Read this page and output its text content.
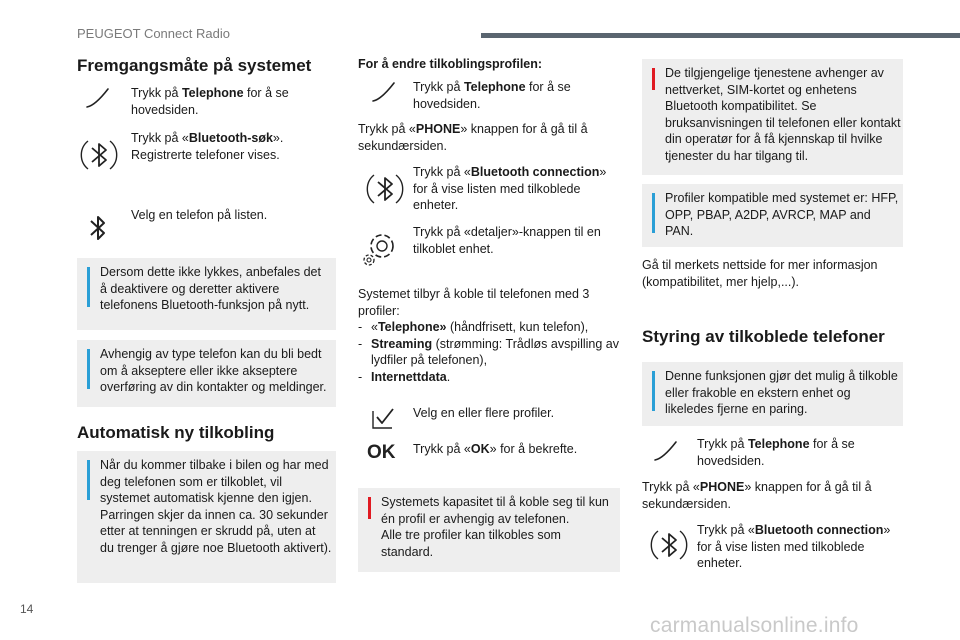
PEUGEOT Connect Radio
Fremgangsmåte på systemet
Trykk på Telephone for å se hovedsiden.
Trykk på «Bluetooth-søk». Registrerte telefoner vises.
Velg en telefon på listen.
Dersom dette ikke lykkes, anbefales det å deaktivere og deretter aktivere telefonens Bluetooth-funksjon på nytt.
Avhengig av type telefon kan du bli bedt om å akseptere eller ikke akseptere overføring av din kontakter og meldinger.
Automatisk ny tilkobling
Når du kommer tilbake i bilen og har med deg telefonen som er tilkoblet, vil systemet automatisk kjenne den igjen. Parringen skjer da innen ca. 30 sekunder etter at tenningen er skrudd på, uten at du trenger å gjøre noe Bluetooth aktivert).
For å endre tilkoblingsprofilen:
Trykk på Telephone for å se hovedsiden.
Trykk på «PHONE» knappen for å gå til å sekundærsiden.
Trykk på «Bluetooth connection» for å vise listen med tilkoblede enheter.
Trykk på «detaljer»-knappen til en tilkoblet enhet.
Systemet tilbyr å koble til telefonen med 3 profiler:
- «Telephone» (håndfrisett, kun telefon),
- Streaming (strømming: Trådløs avspilling av lydfiler på telefonen),
- Internettdata.
Velg en eller flere profiler.
OK Trykk på «OK» for å bekrefte.
Systemets kapasitet til å koble seg til kun én profil er avhengig av telefonen.
Alle tre profiler kan tilkobles som standard.
De tilgjengelige tjenestene avhenger av nettverket, SIM-kortet og enhetens Bluetooth kompatibilitet. Se bruksanvisningen til telefonen eller kontakt din operatør for å få kjennskap til hvilke tjenester du har tilgang til.
Profiler kompatible med systemet er: HFP, OPP, PBAP, A2DP, AVRCP, MAP and PAN.
Gå til merkets nettside for mer informasjon (kompatibilitet, mer hjelp,...).
Styring av tilkoblede telefoner
Denne funksjonen gjør det mulig å tilkoble eller frakoble en ekstern enhet og likeledes fjerne en paring.
Trykk på Telephone for å se hovedsiden.
Trykk på «PHONE» knappen for å gå til å sekundærsiden.
Trykk på «Bluetooth connection» for å vise listen med tilkoblede enheter.
14
carmanualsonline.info
